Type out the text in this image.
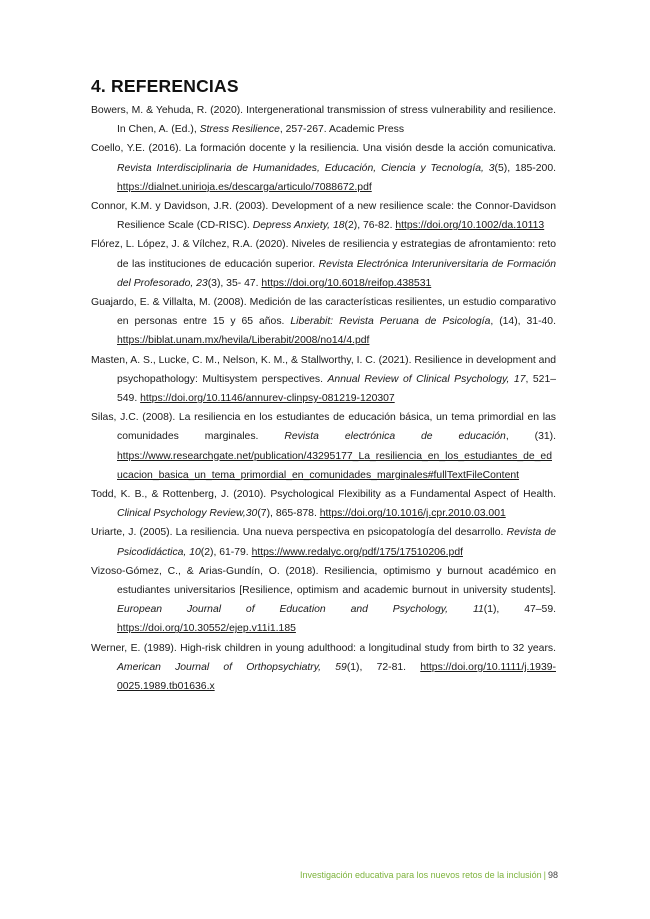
4. REFERENCIAS
Bowers, M. & Yehuda, R. (2020). Intergenerational transmission of stress vulnerability and resilience. In Chen, A. (Ed.), Stress Resilience, 257-267. Academic Press
Coello, Y.E. (2016). La formación docente y la resiliencia. Una visión desde la acción comunicativa. Revista Interdisciplinaria de Humanidades, Educación, Ciencia y Tecnología, 3(5), 185-200. https://dialnet.unirioja.es/descarga/articulo/7088672.pdf
Connor, K.M. y Davidson, J.R. (2003). Development of a new resilience scale: the Connor-Davidson Resilience Scale (CD-RISC). Depress Anxiety, 18(2), 76-82. https://doi.org/10.1002/da.10113
Flórez, L. López, J. & Vílchez, R.A. (2020). Niveles de resiliencia y estrategias de afrontamiento: reto de las instituciones de educación superior. Revista Electrónica Interuniversitaria de Formación del Profesorado, 23(3), 35- 47. https://doi.org/10.6018/reifop.438531
Guajardo, E. & Villalta, M. (2008). Medición de las características resilientes, un estudio comparativo en personas entre 15 y 65 años. Liberabit: Revista Peruana de Psicología, (14), 31-40. https://biblat.unam.mx/hevila/Liberabit/2008/no14/4.pdf
Masten, A. S., Lucke, C. M., Nelson, K. M., & Stallworthy, I. C. (2021). Resilience in development and psychopathology: Multisystem perspectives. Annual Review of Clinical Psychology, 17, 521–549. https://doi.org/10.1146/annurev-clinpsy-081219-120307
Silas, J.C. (2008). La resiliencia en los estudiantes de educación básica, un tema primordial en las comunidades marginales. Revista electrónica de educación, (31). https://www.researchgate.net/publication/43295177_La_resiliencia_en_los_estudiantes_de_educacion_basica_un_tema_primordial_en_comunidades_marginales#fullTextFileContent
Todd, K. B., & Rottenberg, J. (2010). Psychological Flexibility as a Fundamental Aspect of Health. Clinical Psychology Review,30(7), 865-878. https://doi.org/10.1016/j.cpr.2010.03.001
Uriarte, J. (2005). La resiliencia. Una nueva perspectiva en psicopatología del desarrollo. Revista de Psicodidáctica, 10(2), 61-79. https://www.redalyc.org/pdf/175/17510206.pdf
Vizoso-Gómez, C., & Arias-Gundín, O. (2018). Resiliencia, optimismo y burnout académico en estudiantes universitarios [Resilience, optimism and academic burnout in university students]. European Journal of Education and Psychology, 11(1), 47–59. https://doi.org/10.30552/ejep.v11i1.185
Werner, E. (1989). High-risk children in young adulthood: a longitudinal study from birth to 32 years. American Journal of Orthopsychiatry, 59(1), 72-81. https://doi.org/10.1111/j.1939-0025.1989.tb01636.x
Investigación educativa para los nuevos retos de la inclusión | 98
